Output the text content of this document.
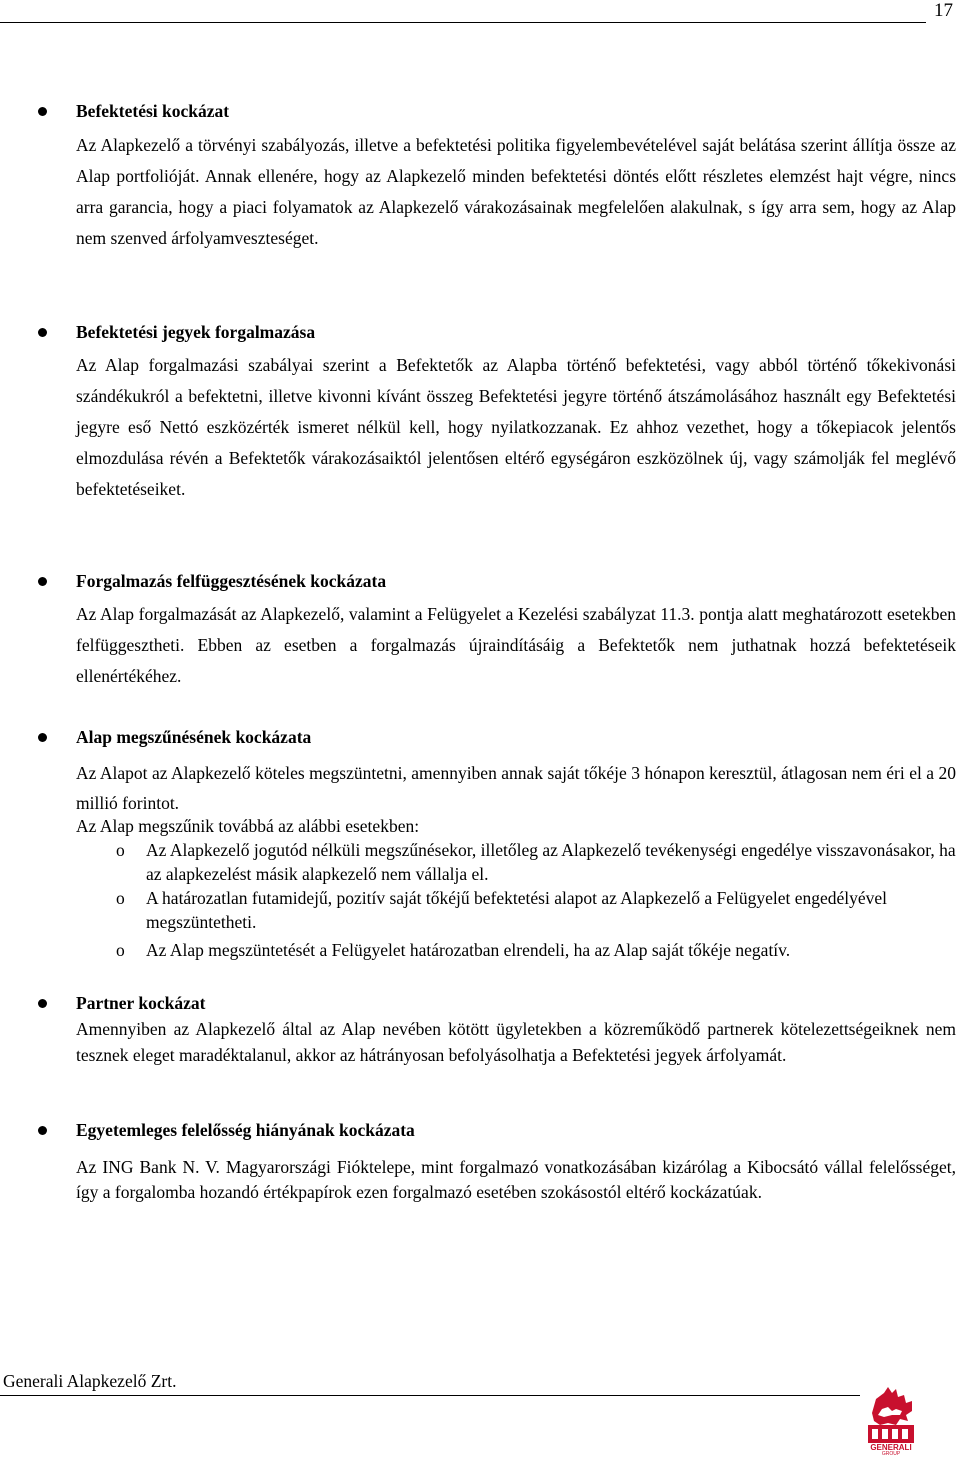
17
Befektetési kockázat
Az Alapkezelő a törvényi szabályozás, illetve a befektetési politika figyelembevételével saját belátása szerint állítja össze az Alap portfolióját. Annak ellenére, hogy az Alapkezelő minden befektetési döntés előtt részletes elemzést hajt végre, nincs arra garancia, hogy a piaci folyamatok az Alapkezelő várakozásainak megfelelően alakulnak, s így arra sem, hogy az Alap nem szenved árfolyamveszteséget.
Befektetési jegyek forgalmazása
Az Alap forgalmazási szabályai szerint a Befektetők az Alapba történő befektetési, vagy abból történő tőkekivonási szándékukról a befektetni, illetve kivonni kívánt összeg Befektetési jegyre történő átszámolásához használt egy Befektetési jegyre eső Nettó eszközérték ismeret nélkül kell, hogy nyilatkozzanak. Ez ahhoz vezethet, hogy a tőkepiacok jelentős elmozdulása révén a Befektetők várakozásaiktól jelentősen eltérő egységáron eszközölnek új, vagy számolják fel meglévő befektetéseiket.
Forgalmazás felfüggesztésének kockázata
Az Alap forgalmazását az Alapkezelő, valamint a Felügyelet a Kezelési szabályzat 11.3. pontja alatt meghatározott esetekben felfüggesztheti. Ebben az esetben a forgalmazás újraindításáig a Befektetők nem juthatnak hozzá befektetéseik ellenértékéhez.
Alap megszűnésének kockázata
Az Alapot az Alapkezelő köteles megszüntetni, amennyiben annak saját tőkéje 3 hónapon keresztül, átlagosan nem éri el a 20 millió forintot.
Az Alap megszűnik továbbá az alábbi esetekben:
o Az Alapkezelő jogutód nélküli megszűnésekor, illetőleg az Alapkezelő tevékenységi engedélye visszavonásakor, ha az alapkezelést másik alapkezelő nem vállalja el.
o A határozatlan futamidejű, pozitív saját tőkéjű befektetési alapot az Alapkezelő a Felügyelet engedélyével megszüntetheti.
o Az Alap megszüntetését a Felügyelet határozatban elrendeli, ha az Alap saját tőkéje negatív.
Partner kockázat
Amennyiben az Alapkezelő által az Alap nevében kötött ügyletekben a közreműködő partnerek kötelezettségeiknek nem tesznek eleget maradéktalanul, akkor az hátrányosan befolyásolhatja a Befektetési jegyek árfolyamát.
Egyetemleges felelősség hiányának kockázata
Az ING Bank N. V. Magyarországi Fióktelepe, mint forgalmazó vonatkozásában kizárólag a Kibocsátó vállal felelősséget, így a forgalomba hozandó értékpapírok ezen forgalmazó esetében szokásostól eltérő kockázatúak.
Generali Alapkezelő Zrt.
GENERALI
GROUP
